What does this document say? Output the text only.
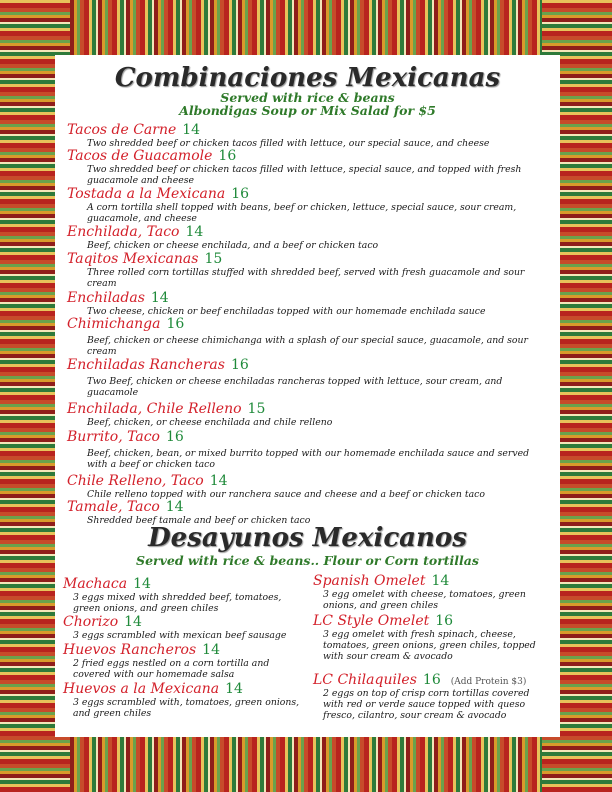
Combinaciones Mexicanas
Served with rice & beans
Albondigas Soup or Mix Salad for $5
Tacos de Carne 14
Two shredded beef or chicken tacos filled with lettuce, our special sauce, and cheese
Tacos de Guacamole 16
Two shredded beef or chicken tacos filled with lettuce, special sauce, and topped with fresh guacamole and cheese
Tostada a la Mexicana 16
A corn tortilla shell topped with beans, beef or chicken, lettuce, special sauce, sour cream, guacamole, and cheese
Enchilada, Taco 14
Beef, chicken or cheese enchilada, and a beef or chicken taco
Taqitos Mexicanas 15
Three rolled corn tortillas stuffed with shredded beef, served with fresh guacamole and sour cream
Enchiladas 14
Two cheese, chicken or beef enchiladas topped with our homemade enchilada sauce
Chimichanga 16
Beef, chicken or cheese chimichanga with a splash of our special sauce, guacamole, and sour cream
Enchiladas Rancheras 16
Two Beef, chicken or cheese enchiladas rancheras topped with lettuce, sour cream, and guacamole
Enchilada, Chile Relleno 15
Beef, chicken, or cheese enchilada and chile relleno
Burrito, Taco 16
Beef, chicken, bean, or mixed burrito topped with our homemade enchilada sauce and served with a beef or chicken taco
Chile Relleno, Taco 14
Chile relleno topped with our ranchera sauce and cheese and a beef or chicken taco
Tamale, Taco 14
Shredded beef tamale and beef or chicken taco
Desayunos Mexicanos
Served with rice & beans.. Flour or Corn tortillas
Machaca 14
3 eggs mixed with shredded beef, tomatoes, green onions, and green chiles
Chorizo 14
3 eggs scrambled with mexican beef sausage
Huevos Rancheros 14
2 fried eggs nestled on a corn tortilla and covered with our homemade salsa
Huevos a la Mexicana 14
3 eggs scrambled with, tomatoes, green onions, and green chiles
Spanish Omelet 14
3 egg omelet with cheese, tomatoes, green onions, and green chiles
LC Style Omelet 16
3 egg omelet with fresh spinach, cheese, tomatoes, green onions, green chiles, topped with sour cream & avocado
LC Chilaquiles 16 (Add Protein $3)
2 eggs on top of crisp corn tortillas covered with red or verde sauce topped with queso fresco, cilantro, sour cream & avocado
